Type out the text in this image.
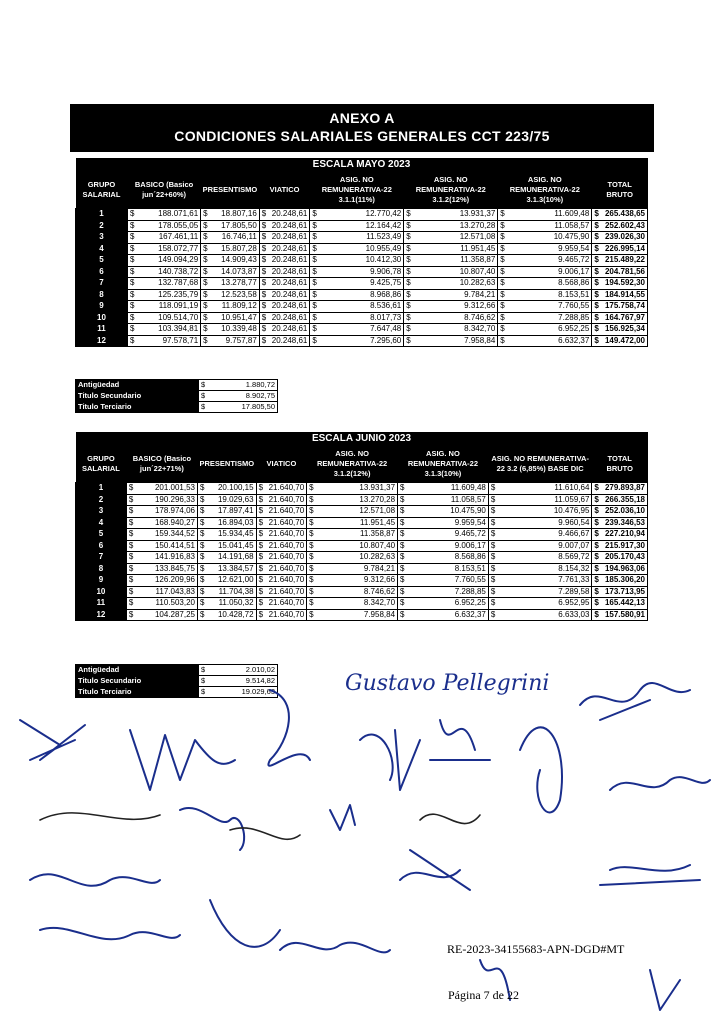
ANEXO A
CONDICIONES SALARIALES GENERALES CCT 223/75
ESCALA MAYO 2023														
GRUPO SALARIAL	BASICO (Basico jun´22+60%)		PRESENTISMO		VIATICO		ASIG. NO REMUNERATIVA-22 3.1.1(11%)		ASIG. NO REMUNERATIVA-22 3.1.2(12%)		ASIG. NO REMUNERATIVA-22 3.1.3(10%)		TOTAL BRUTO	
1	$	188.071,61	$	18.807,16	$	20.248,61	$	12.770,42	$	13.931,37	$	11.609,48	$	265.438,65
2	$	178.055,05	$	17.805,50	$	20.248,61	$	12.164,42	$	13.270,28	$	11.058,57	$	252.602,43
3	$	167.461,11	$	16.746,11	$	20.248,61	$	11.523,49	$	12.571,08	$	10.475,90	$	239.026,30
4	$	158.072,77	$	15.807,28	$	20.248,61	$	10.955,49	$	11.951,45	$	9.959,54	$	226.995,14
5	$	149.094,29	$	14.909,43	$	20.248,61	$	10.412,30	$	11.358,87	$	9.465,72	$	215.489,22
6	$	140.738,72	$	14.073,87	$	20.248,61	$	9.906,78	$	10.807,40	$	9.006,17	$	204.781,56
7	$	132.787,68	$	13.278,77	$	20.248,61	$	9.425,75	$	10.282,63	$	8.568,86	$	194.592,30
8	$	125.235,79	$	12.523,58	$	20.248,61	$	8.968,86	$	9.784,21	$	8.153,51	$	184.914,55
9	$	118.091,19	$	11.809,12	$	20.248,61	$	8.536,61	$	9.312,66	$	7.760,55	$	175.758,74
10	$	109.514,70	$	10.951,47	$	20.248,61	$	8.017,73	$	8.746,62	$	7.288,85	$	164.767,97
11	$	103.394,81	$	10.339,48	$	20.248,61	$	7.647,48	$	8.342,70	$	6.952,25	$	156.925,34
12	$	97.578,71	$	9.757,87	$	20.248,61	$	7.295,60	$	7.958,84	$	6.632,37	$	149.472,00
Antigüedad	$	1.880,72
Titulo Secundario	$	8.902,75
Titulo Terciario	$	17.805,50
ESCALA JUNIO 2023														
GRUPO SALARIAL	BASICO (Basico jun´22+71%)		PRESENTISMO		VIATICO		ASIG. NO REMUNERATIVA-22 3.1.2(12%)		ASIG. NO REMUNERATIVA-22 3.1.3(10%)		ASIG. NO REMUNERATIVA- 22 3.2 (6,85%) BASE DIC		TOTAL BRUTO	
1	$	201.001,53	$	20.100,15	$	21.640,70	$	13.931,37	$	11.609,48	$	11.610,64	$	279.893,87
2	$	190.296,33	$	19.029,63	$	21.640,70	$	13.270,28	$	11.058,57	$	11.059,67	$	266.355,18
3	$	178.974,06	$	17.897,41	$	21.640,70	$	12.571,08	$	10.475,90	$	10.476,95	$	252.036,10
4	$	168.940,27	$	16.894,03	$	21.640,70	$	11.951,45	$	9.959,54	$	9.960,54	$	239.346,53
5	$	159.344,52	$	15.934,45	$	21.640,70	$	11.358,87	$	9.465,72	$	9.466,67	$	227.210,94
6	$	150.414,51	$	15.041,45	$	21.640,70	$	10.807,40	$	9.006,17	$	9.007,07	$	215.917,30
7	$	141.916,83	$	14.191,68	$	21.640,70	$	10.282,63	$	8.568,86	$	8.569,72	$	205.170,43
8	$	133.845,75	$	13.384,57	$	21.640,70	$	9.784,21	$	8.153,51	$	8.154,32	$	194.963,06
9	$	126.209,96	$	12.621,00	$	21.640,70	$	9.312,66	$	7.760,55	$	7.761,33	$	185.306,20
10	$	117.043,83	$	11.704,38	$	21.640,70	$	8.746,62	$	7.288,85	$	7.289,58	$	173.713,95
11	$	110.503,20	$	11.050,32	$	21.640,70	$	8.342,70	$	6.952,25	$	6.952,95	$	165.442,13
12	$	104.287,25	$	10.428,72	$	21.640,70	$	7.958,84	$	6.632,37	$	6.633,03	$	157.580,91
Antigüedad	$	2.010,02
Titulo Secundario	$	9.514,82
Titulo Terciario	$	19.029,63	Gustavo Pellegrini
RE-2023-34155683-APN-DGD#MT
Página 7 de 22
